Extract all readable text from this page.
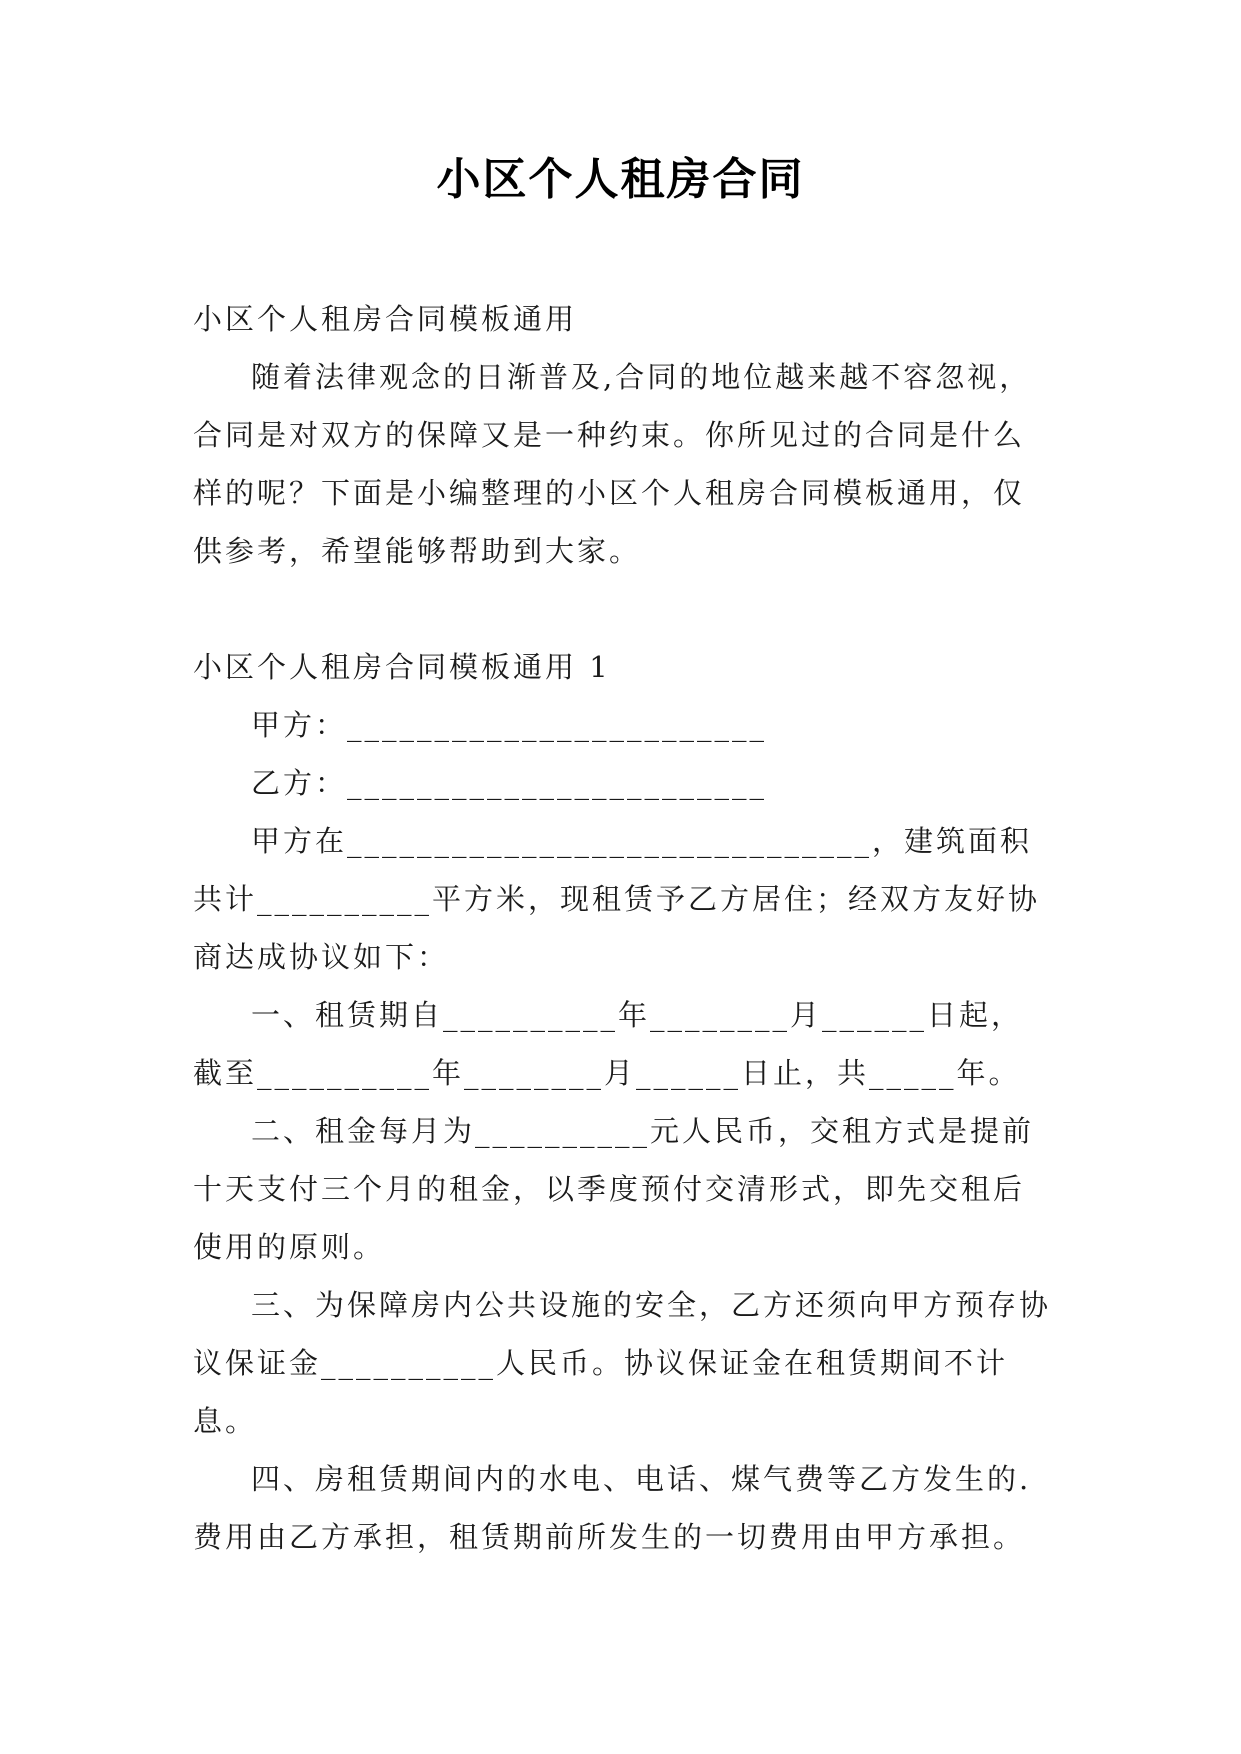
小区个人租房合同

小区个人租房合同模板通用

随着法律观念的日渐普及,合同的地位越来越不容忽视，合同是对双方的保障又是一种约束。你所见过的合同是什么样的呢？下面是小编整理的小区个人租房合同模板通用，仅供参考，希望能够帮助到大家。

小区个人租房合同模板通用 1

甲方：________________________

乙方：________________________

甲方在______________________________，建筑面积共计__________平方米，现租赁予乙方居住；经双方友好协商达成协议如下：

一、租赁期自__________年________月______日起，截至__________年________月______日止，共_____年。

二、租金每月为__________元人民币，交租方式是提前十天支付三个月的租金，以季度预付交清形式，即先交租后使用的原则。

三、为保障房内公共设施的安全，乙方还须向甲方预存协议保证金__________人民币。协议保证金在租赁期间不计息。

四、房租赁期间内的水电、电话、煤气费等乙方发生的.费用由乙方承担，租赁期前所发生的一切费用由甲方承担。
